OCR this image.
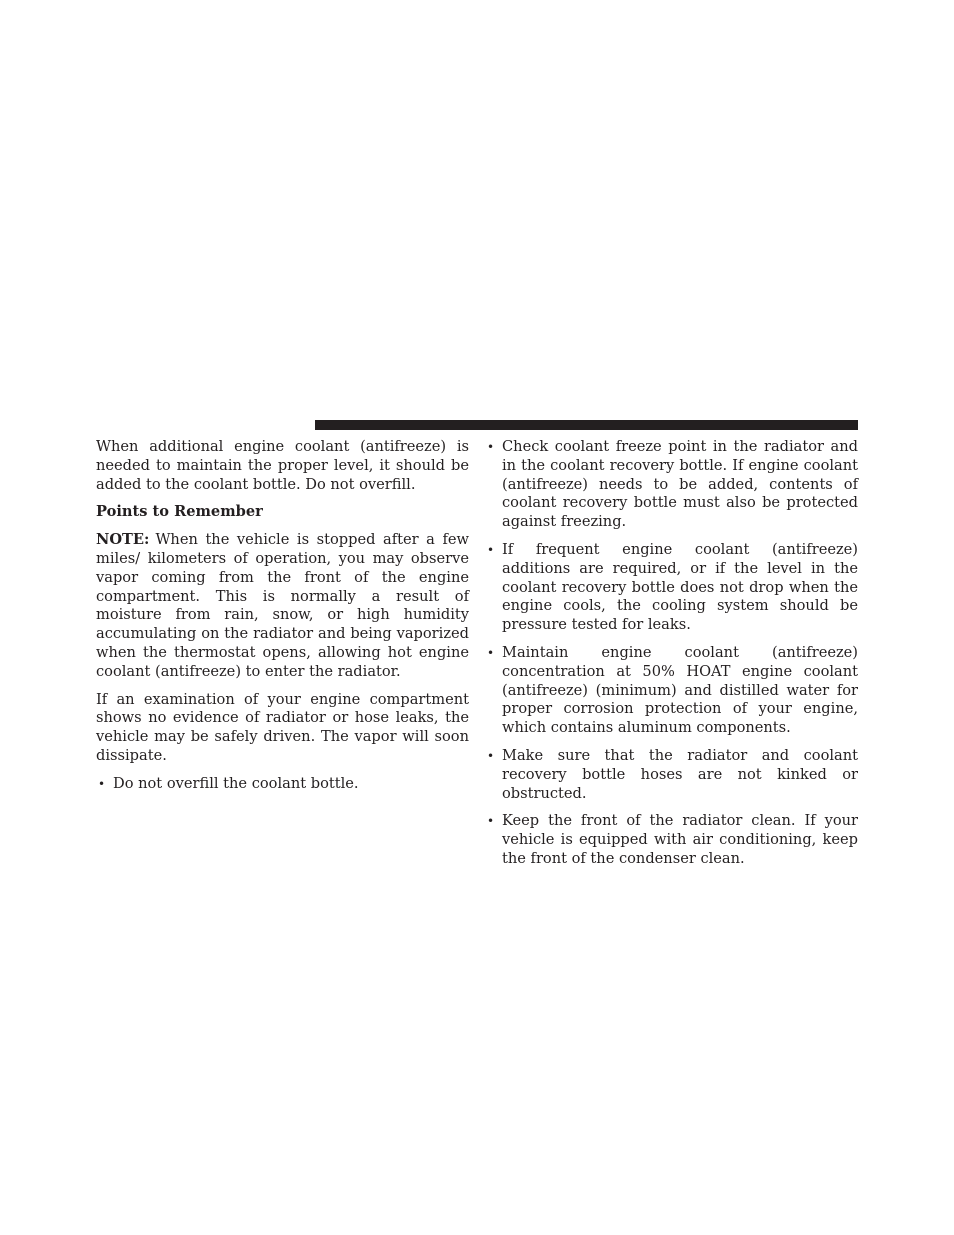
When additional engine coolant (antifreeze) is needed to maintain the proper level, it should be added to the coolant bottle. Do not overfill.

Points to Remember

NOTE: When the vehicle is stopped after a few miles/ kilometers of operation, you may observe vapor coming from the front of the engine compartment. This is normally a result of moisture from rain, snow, or high humidity accumulating on the radiator and being vaporized when the thermostat opens, allowing hot engine coolant (antifreeze) to enter the radiator.

If an examination of your engine compartment shows no evidence of radiator or hose leaks, the vehicle may be safely driven. The vapor will soon dissipate.

• Do not overfill the coolant bottle.
• Check coolant freeze point in the radiator and in the coolant recovery bottle. If engine coolant (antifreeze) needs to be added, contents of coolant recovery bottle must also be protected against freezing.
• If frequent engine coolant (antifreeze) additions are required, or if the level in the coolant recovery bottle does not drop when the engine cools, the cooling system should be pressure tested for leaks.
• Maintain engine coolant (antifreeze) concentration at 50% HOAT engine coolant (antifreeze) (minimum) and distilled water for proper corrosion protection of your engine, which contains aluminum components.
• Make sure that the radiator and coolant recovery bottle hoses are not kinked or obstructed.
• Keep the front of the radiator clean. If your vehicle is equipped with air conditioning, keep the front of the condenser clean.
